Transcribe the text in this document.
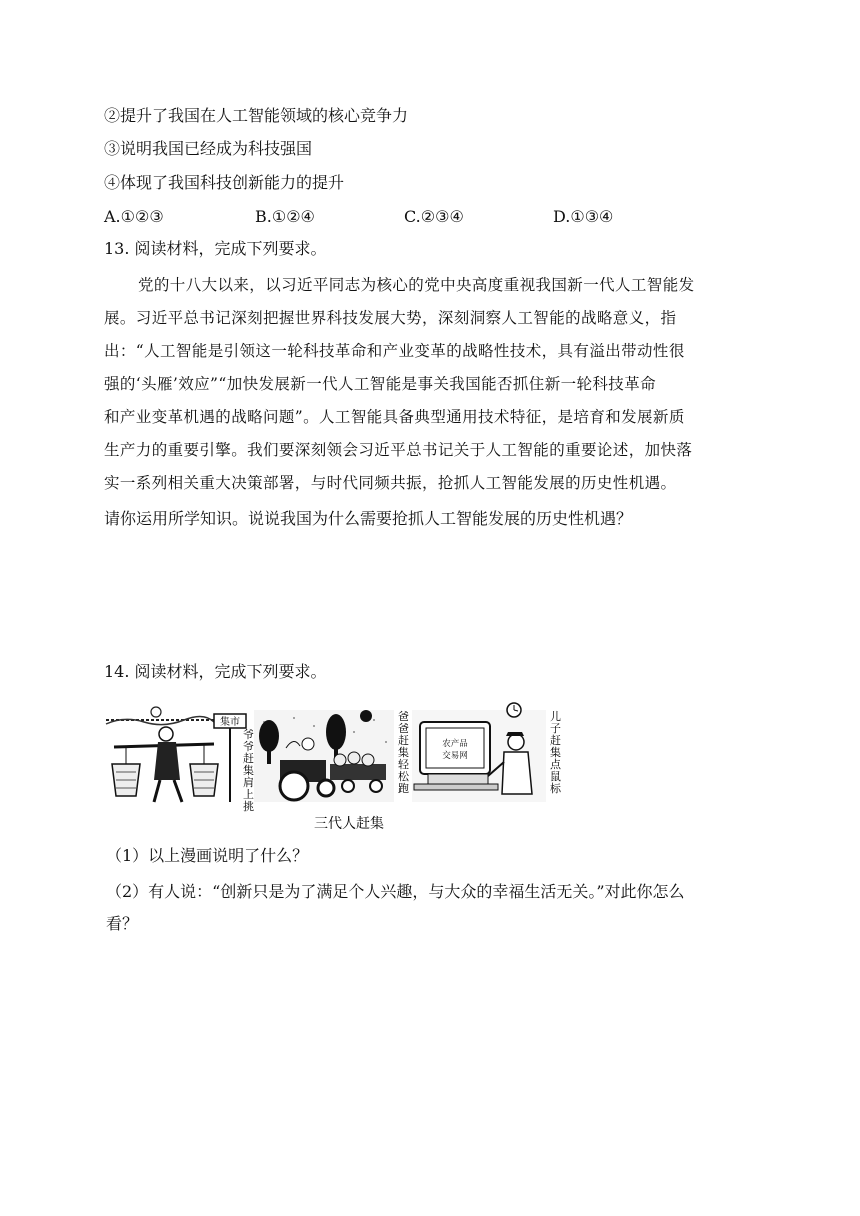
②提升了我国在人工智能领域的核心竞争力
③说明我国已经成为科技强国
④体现了我国科技创新能力的提升
A.①②③	B.①②④	C.②③④	D.①③④
13. 阅读材料，完成下列要求。
党的十八大以来，以习近平同志为核心的党中央高度重视我国新一代人工智能发
展。习近平总书记深刻把握世界科技发展大势，深刻洞察人工智能的战略意义，指
出：“人工智能是引领这一轮科技革命和产业变革的战略性技术，具有溢出带动性很
强的‘头雁’效应”“加快发展新一代人工智能是事关我国能否抓住新一轮科技革命
和产业变革机遇的战略问题”。人工智能具备典型通用技术特征，是培育和发展新质
生产力的重要引擎。我们要深刻领会习近平总书记关于人工智能的重要论述，加快落
实一系列相关重大决策部署，与时代同频共振，抢抓人工智能发展的历史性机遇。
请你运用所学知识。说说我国为什么需要抢抓人工智能发展的历史性机遇？
14. 阅读材料，完成下列要求。
集市
爷爷赶集肩上挑
爸爸赶集轻松跑
农产品
交易网
儿子赶集点鼠标
三代人赶集
（1）以上漫画说明了什么？
（2）有人说：“创新只是为了满足个人兴趣，与大众的幸福生活无关。”对此你怎么
看？
